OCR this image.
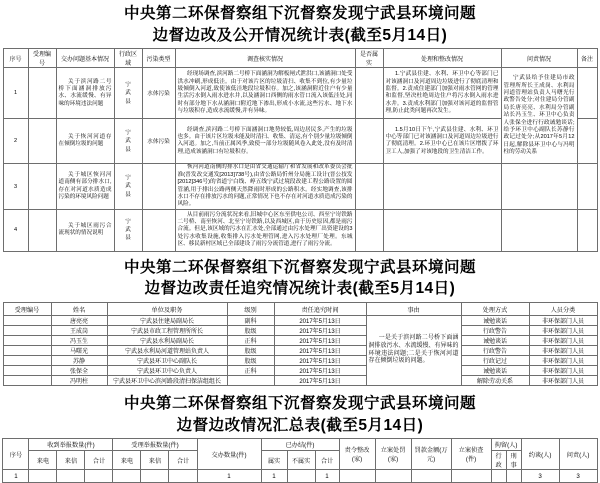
中央第二环保督察组下沉督察发现宁武县环境问题
边督边改及公开情况统计表(截至5月14日)
序号	受理编号	交办问题基本情况	行政区域	污染类型	调查核实情况	是否属实	处理和整改情况	问责情况	备注
1		关于滨河路二号桥下面涵洞排放污水、水流缓慢、有异味的环境违法问题	宁武县	水体污染	经现场调查,滨河路二号桥下面涵洞为解板闸式泄洪口,该涵洞口处受洪水冲刷,形成低洼。由于对该片区的垃圾清扫、收集不到位,有少量垃圾倾倒入河道,致使该低洼地段垃圾积存。加之,该涵洞附近住户有少量生活污水倒入雨水进水井,以及涵洞口西侧的雨水管口流入该低洼处,同时有部分地下水从涵洞口附近地下渗出,形成小水流,这些污水、地下水与垃圾积存,造成水流缓慢,并有异味。		1.宁武县住建、水利、环卫中心等部门已对该涵洞口及河道周边垃圾进行了彻底清理和监督。2.责成住建部门加强对雨水管网的管理和监督,坚决杜绝周边住户将污水倒入雨水进水井。3.责成水利部门加强对该河道的监督管理,防止此类问题再次发生。	宁武县给予住建局市政管理所所长王成岗、水利局河道管理站负责人马曙光行政警告处分;对住建局分管副局长唐亮亮、水利局分管副站长冯玉生、环卫中心负责人张保全进行行政诫勉谈话;给予环卫中心副队长苏静行政记过处分;从2017年5月12日起,解除县环卫中心与冯明柱的劳动关系	
2		关于恢河河道存在倾倒垃圾的问题	宁武县	水体污染	经调查,滨河路二号桥下面涵洞口地势较低,周边居民多,产生的垃圾也多。由于该片区垃圾未能及时清扫、收集、清运,有个别少量垃圾倾倒入河道。加之,当前正属风季,致使一部分垃圾随风卷入此处,没有及时清理,造成该涵洞口有垃圾积存。		1.5月10日下午,宁武县住建、水利、环卫中心等部门已对该涵洞口及河道周边垃圾进行了彻底清理。2.环卫中心已在该片区增拨了环卫工人,加强了对该地段的卫生清洁工作。		
3		关于城区恢河河道南侧有部分排水口,存在对河道水质造成污染的环境风险问题	宁武县		恢河河道南侧的排水口是由省交通运输厅和省发展和改革委员会批准(晋发改交通发[2013]738号),由省公路局忻州分局施工设计(晋公技发[2012]346号)的省道宁白线、崞五线宁武过境段改建工程公路设置的圆管涵,用于排出公路两侧天然降雨时形成的公路积水。经实地调查,该排水口不存在排放污水的问题,正常情况下也不存在对河道水质造成污染的风险。				
4		关于城区雨污合流现状的情况说明	宁武县		从目前雨污分流状况来看,旧城中心区东至供电公司、西至宁岢铁路二号桥、南至恢河、北至宁岢铁路,以及西城区,由于历史原因,都是雨污合流。但是,该区域的污水在汇水处,全部通过由污水处理厂出资建设的3处污水收集设施,收集排入污水处理管网,进入污水处理厂处理。东城区、移民新村区域已全部建设了雨污分流管道,进行了雨污分流。				
中央第二环保督察组下沉督察发现宁武县环境问题
边督边改责任追究情况统计表(截至5月14日)
受理编号	姓名	单位及职务	级别	责任追究时间	事由	处理方式	人员分类
	唐亮亮	宁武县住建局副局长	副科	2017年5月13日	一是关于滨河路二号桥下面涵洞排放污水、水流缓慢、有异味的环境违法问题;二是关于恢河河道存在倾倒垃圾的问题。	诫勉谈话	非环保部门人员
	王成岗	宁武县市政工程管理所所长	股级	2017年5月13日		行政警告	非环保部门人员
	冯玉生	宁武县水利局副局长	正科	2017年5月13日		诫勉谈话	非环保部门人员
	马曙光	宁武县水利局河道管理站负责人	股级	2017年5月13日		行政警告	非环保部门人员
	苏静	宁武县环卫中心副队长	股级	2017年5月13日		行政记过	非环保部门人员
	张保全	宁武县环卫中心负责人	正科	2017年5月13日		诫勉谈话	非环保部门人员
	冯明柱	宁武县环卫中心滨河路段清扫保洁组组长		2017年5月13日		解除劳动关系	非环保部门人员
中央第二环保督察组下沉督察发现宁武县环境问题
边督边改情况汇总表(截至5月14日)
序号	收到举报数量(件)			受理举报数量(件)			交办数量(件)	已办结(件)			责令整改(家)	立案处罚(家)	罚款金额(万元)	立案侦查(件)	拘留(人)		约谈(人)	问责(人)
	来电	来信	合计	来电	来信	合计		属实	不属实	合计					行政	刑事		
1							1	1		1							3	3
